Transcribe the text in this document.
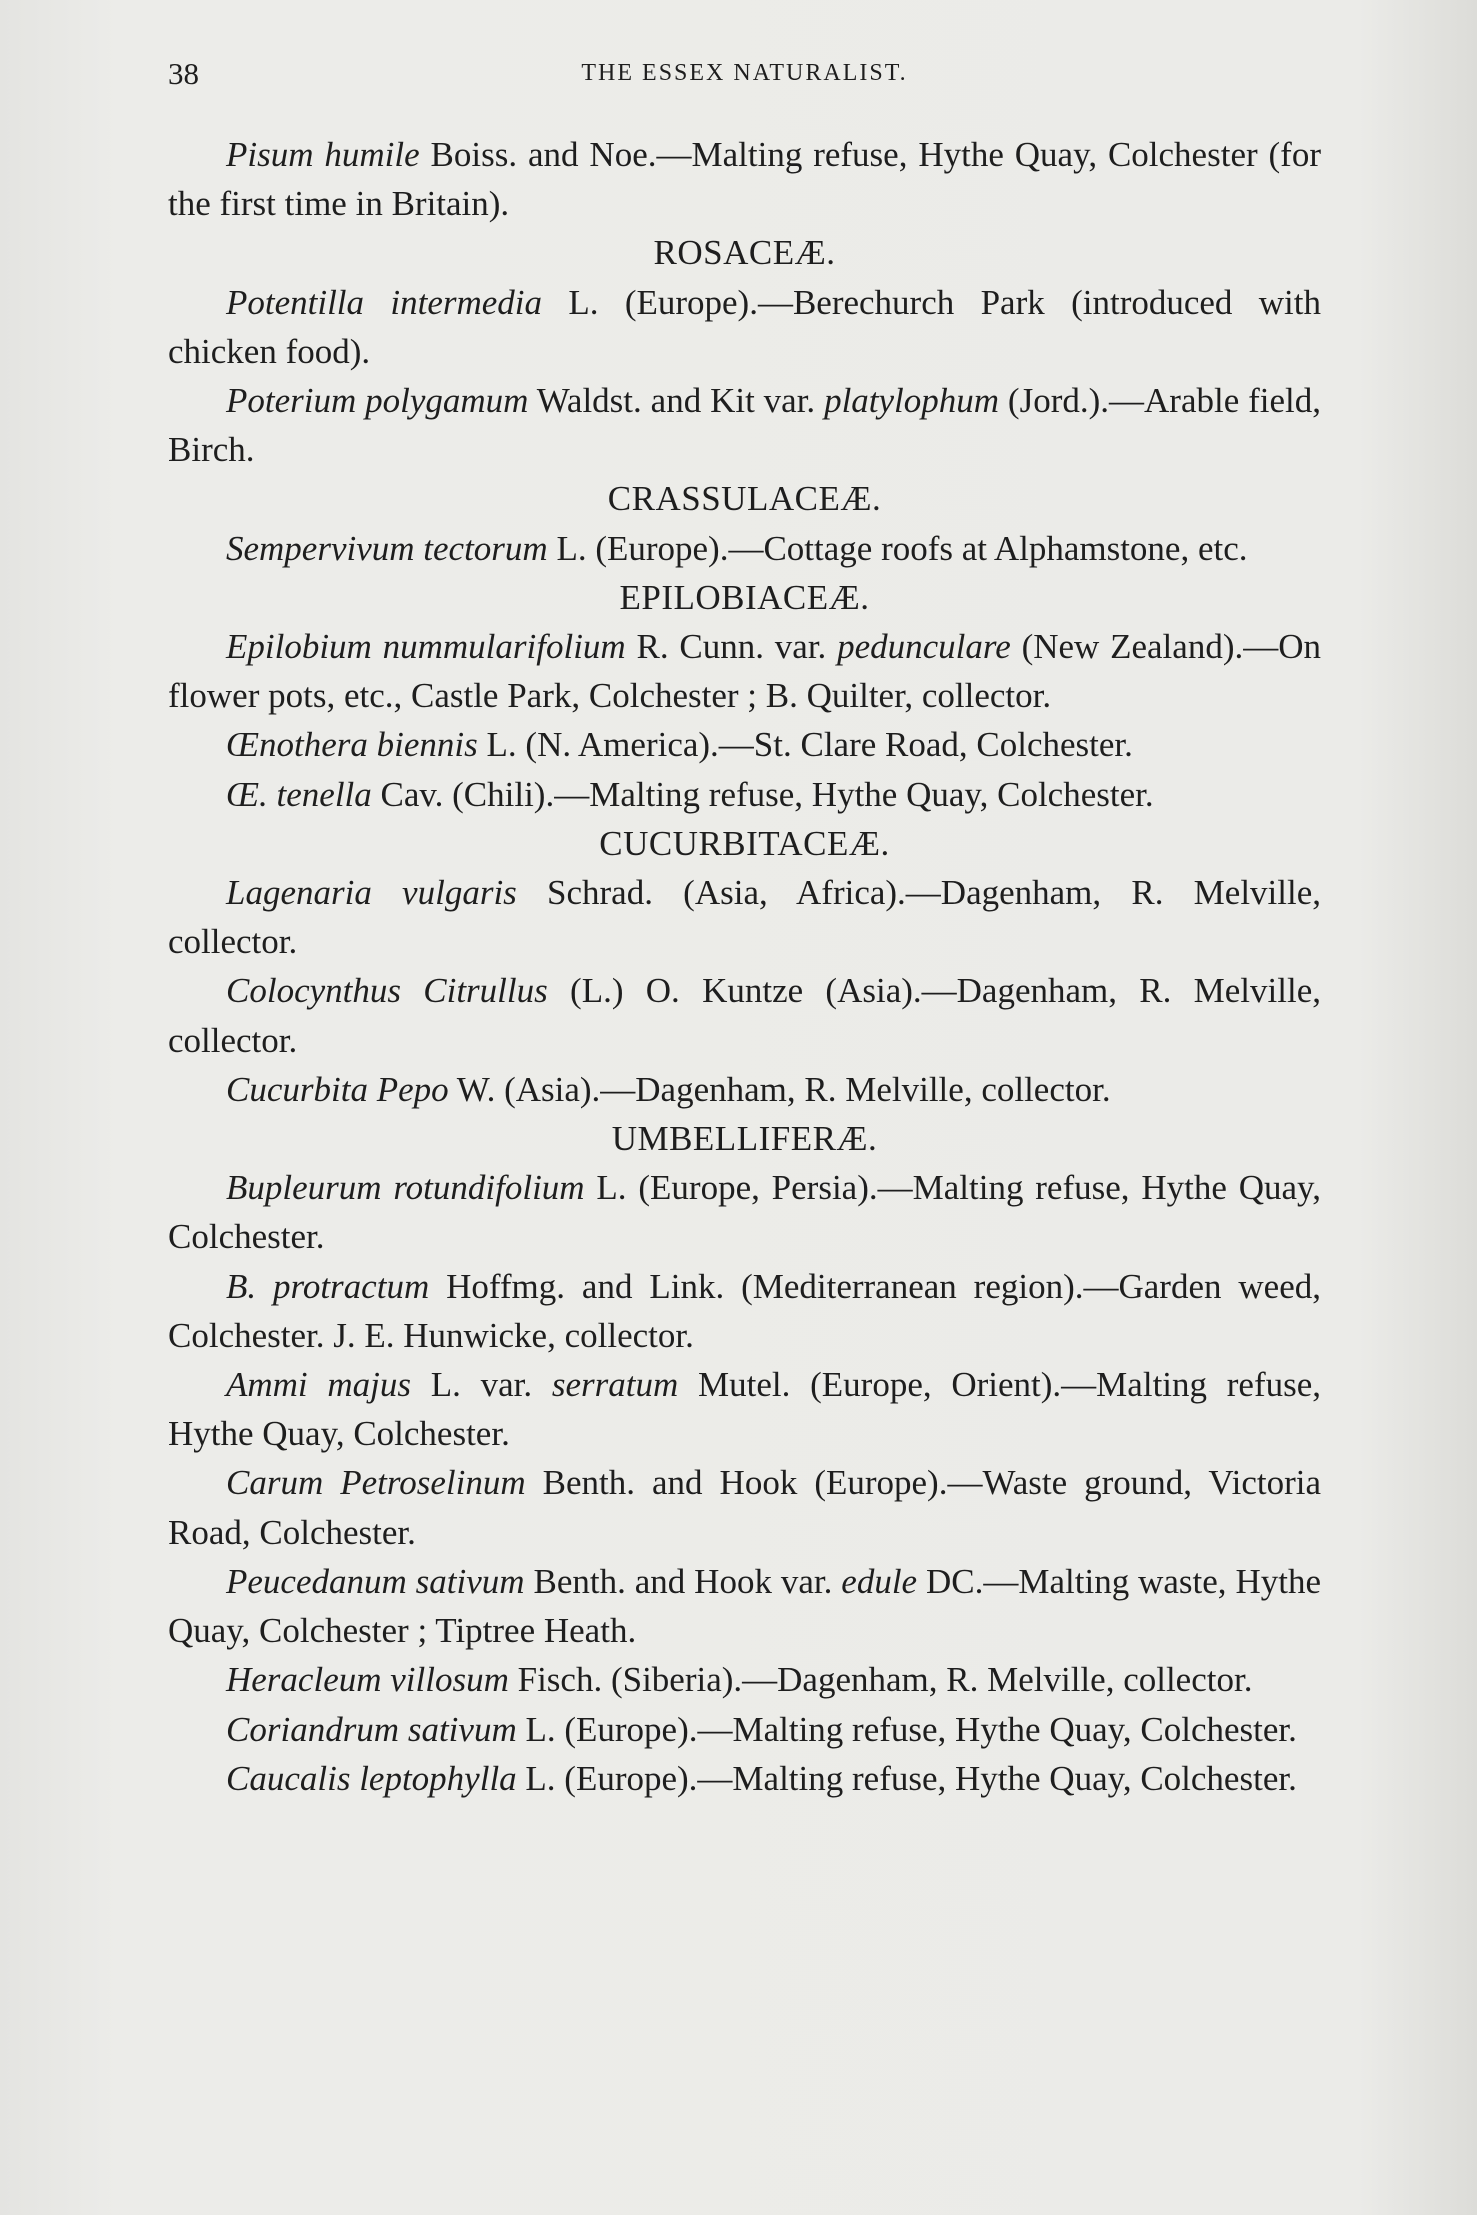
38	THE ESSEX NATURALIST.

Pisum humile Boiss. and Noe.—Malting refuse, Hythe Quay, Colchester (for the first time in Britain).

ROSACEÆ.

Potentilla intermedia L. (Europe).—Berechurch Park (introduced with chicken food).

Poterium polygamum Waldst. and Kit var. platylophum (Jord.).—Arable field, Birch.

CRASSULACEÆ.

Sempervivum tectorum L. (Europe).—Cottage roofs at Alphamstone, etc.

EPILOBIACEÆ.

Epilobium nummularifolium R. Cunn. var. pedunculare (New Zealand).—On flower pots, etc., Castle Park, Colchester ; B. Quilter, collector.

Œnothera biennis L. (N. America).—St. Clare Road, Colchester.

Œ. tenella Cav. (Chili).—Malting refuse, Hythe Quay, Colchester.

CUCURBITACEÆ.

Lagenaria vulgaris Schrad. (Asia, Africa).—Dagenham, R. Melville, collector.

Colocynthus Citrullus (L.) O. Kuntze (Asia).—Dagenham, R. Melville, collector.

Cucurbita Pepo W. (Asia).—Dagenham, R. Melville, collector.

UMBELLIFERÆ.

Bupleurum rotundifolium L. (Europe, Persia).—Malting refuse, Hythe Quay, Colchester.

B. protractum Hoffmg. and Link. (Mediterranean region).—Garden weed, Colchester. J. E. Hunwicke, collector.

Ammi majus L. var. serratum Mutel. (Europe, Orient).—Malting refuse, Hythe Quay, Colchester.

Carum Petroselinum Benth. and Hook (Europe).—Waste ground, Victoria Road, Colchester.

Peucedanum sativum Benth. and Hook var. edule DC.—Malting waste, Hythe Quay, Colchester ; Tiptree Heath.

Heracleum villosum Fisch. (Siberia).—Dagenham, R. Melville, collector.

Coriandrum sativum L. (Europe).—Malting refuse, Hythe Quay, Colchester.

Caucalis leptophylla L. (Europe).—Malting refuse, Hythe Quay, Colchester.
